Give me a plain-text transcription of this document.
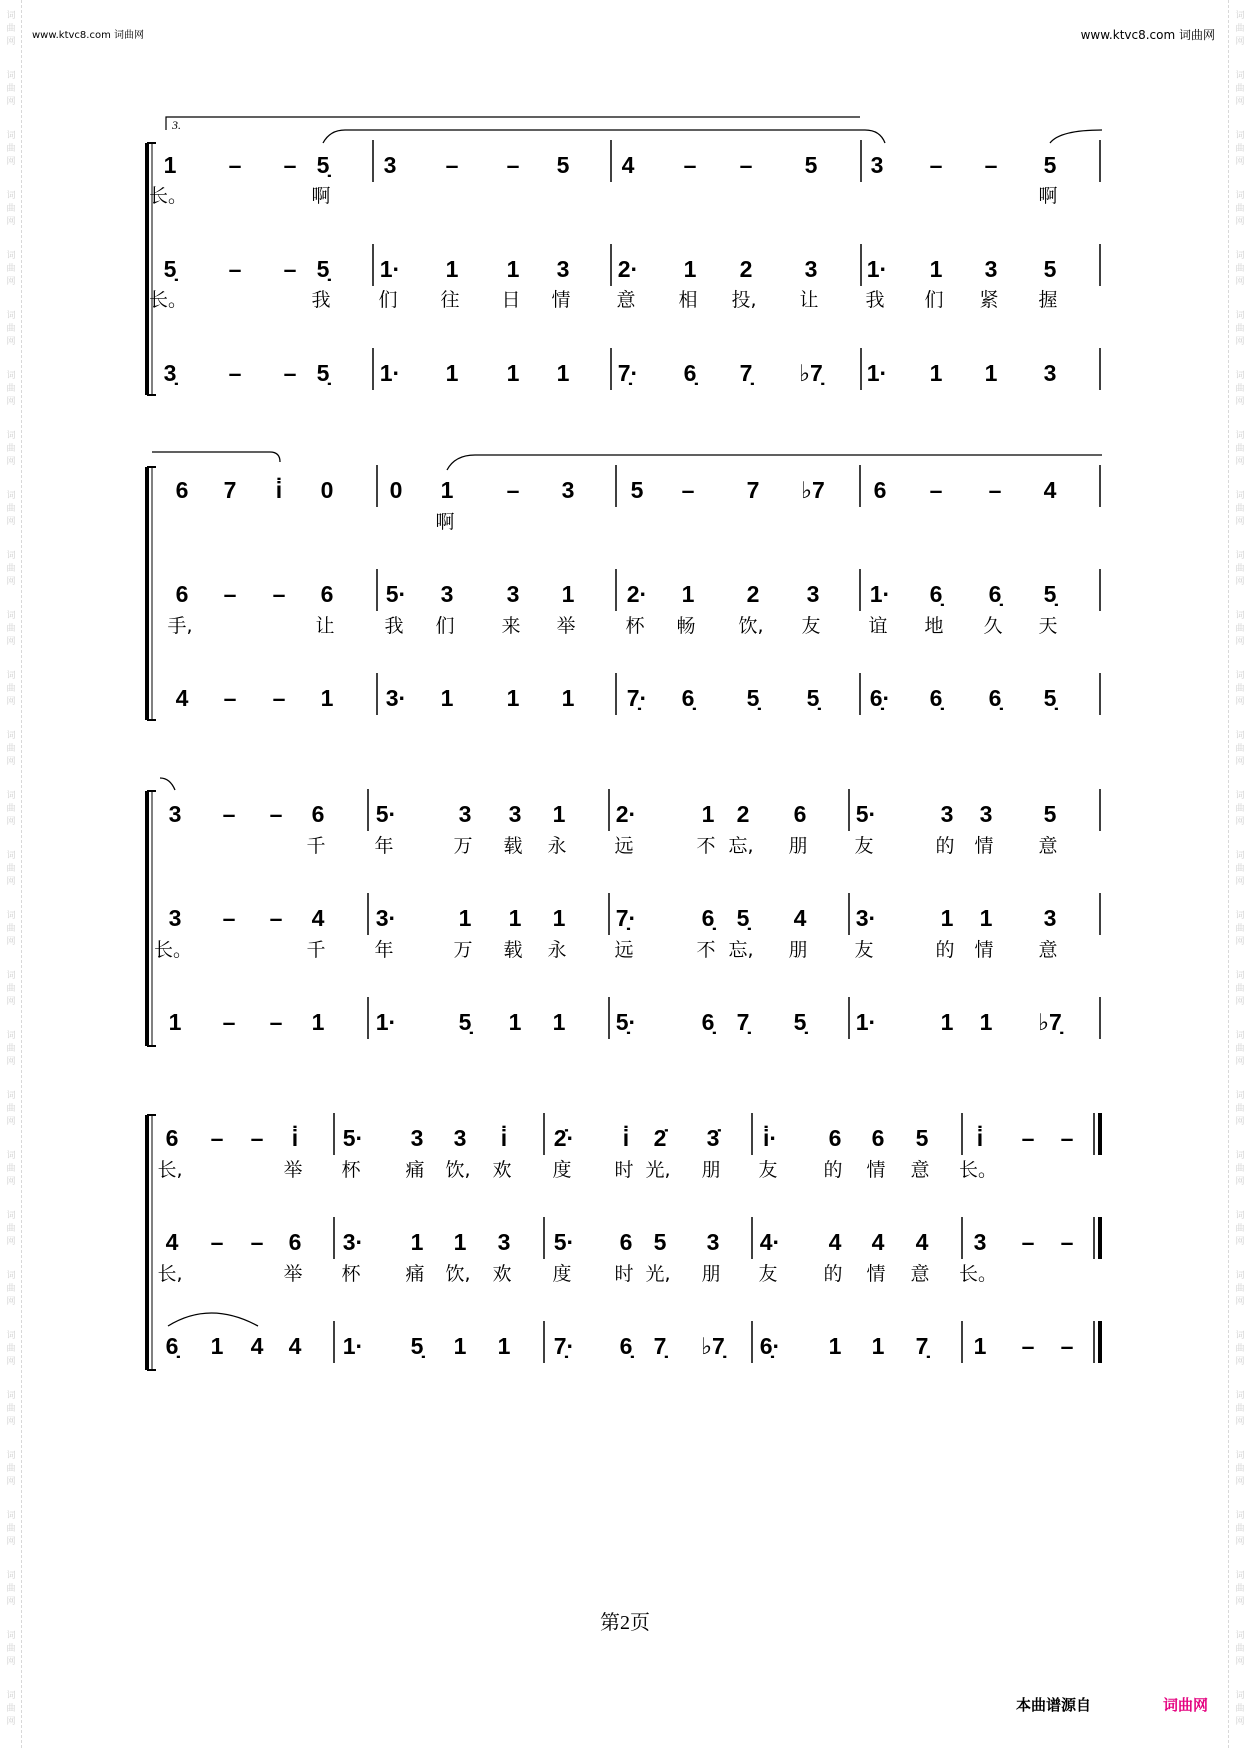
词
曲
网
词
曲
网
词
曲
网
词
曲
网
词
曲
网
词
曲
网
词
曲
网
词
曲
网
词
曲
网
词
曲
网
词
曲
网
词
曲
网
词
曲
网
词
曲
网
词
曲
网
词
曲
网
词
曲
网
词
曲
网
词
曲
网
词
曲
网
词
曲
网
词
曲
网
词
曲
网
词
曲
网
词
曲
网
词
曲
网
词
曲
网
词
曲
网
词
曲
网
词
曲
网
词
曲
网
词
曲
网
词
曲
网
词
曲
网
词
曲
网
词
曲
网
词
曲
网
词
曲
网
词
曲
网
词
曲
网
词
曲
网
词
曲
网
词
曲
网
词
曲
网
词
曲
网
词
曲
网
词
曲
网
词
曲
网
词
曲
网
词
曲
网
词
曲
网
词
曲
网
词
曲
网
词
曲
网
词
曲
网
词
曲
网
词
曲
网
词
曲
网
www.ktvc8.com 词曲网	www.ktvc8.com 词曲网
1 – – 5̣ 3 – – 5 4 – – 5 3 – – 5
长。	啊	啊
5̣ – – 5̣ 1· 1 1 3 2· 1 2 3 1· 1 3 5
长。	我	们 往 日 情 意 相 投, 让 我 们 紧 握
3̣ – – 5̣ 1· 1 1 1 7̣· 6̣ 7̣ ♭7̣ 1· 1 1 3
6 7 i̇ 0 0 1 – 3 5 – 7 ♭7 6 – – 4
啊
6 – – 6 5· 3 3 1 2· 1 2 3 1· 6̣ 6̣ 5̣
手,	让	我 们 来 举	杯 畅 饮, 友	谊 地 久 天
4 – – 1 3· 1 1 1 7̣· 6̣ 5̣ 5̣ 6̣· 6̣ 6̣ 5̣
3 – – 6 5·	3 3 1 2·	1 2 6 5·	3 3 5
千	年	万 载 永	远	不 忘, 朋 友	的 情 意
3 – – 4 3·	1 1 1 7̣·	6̣ 5̣ 4 3·	1 1 3
长。	千	年	万 载 永	远	不 忘, 朋 友	的 情 意
1 – – 1 1·	5̣ 1 1 5̣·	6̣ 7̣ 5̣ 1·	1 1 ♭7̣
6 – – i̇ 5· 3 3 i̇ 2̇· i̇ 2̇ 3̇ i̇· 6 6 5 i̇ – –
长,	举 杯 痛 饮, 欢 度 时 光, 朋 友 的 情 意 长。
4 – – 6 3· 1 1 3 5· 6 5 3 4· 4 4 4 3 – –
长,	举 杯 痛 饮, 欢 度 时 光, 朋 友 的 情 意 长。
6̣ 1 4 4 1· 5̣ 1 1 7̣· 6̣ 7̣ ♭7̣ 6̣· 1 1 7̣ 1 – –
3.
第2页
本曲谱源自	词曲网
